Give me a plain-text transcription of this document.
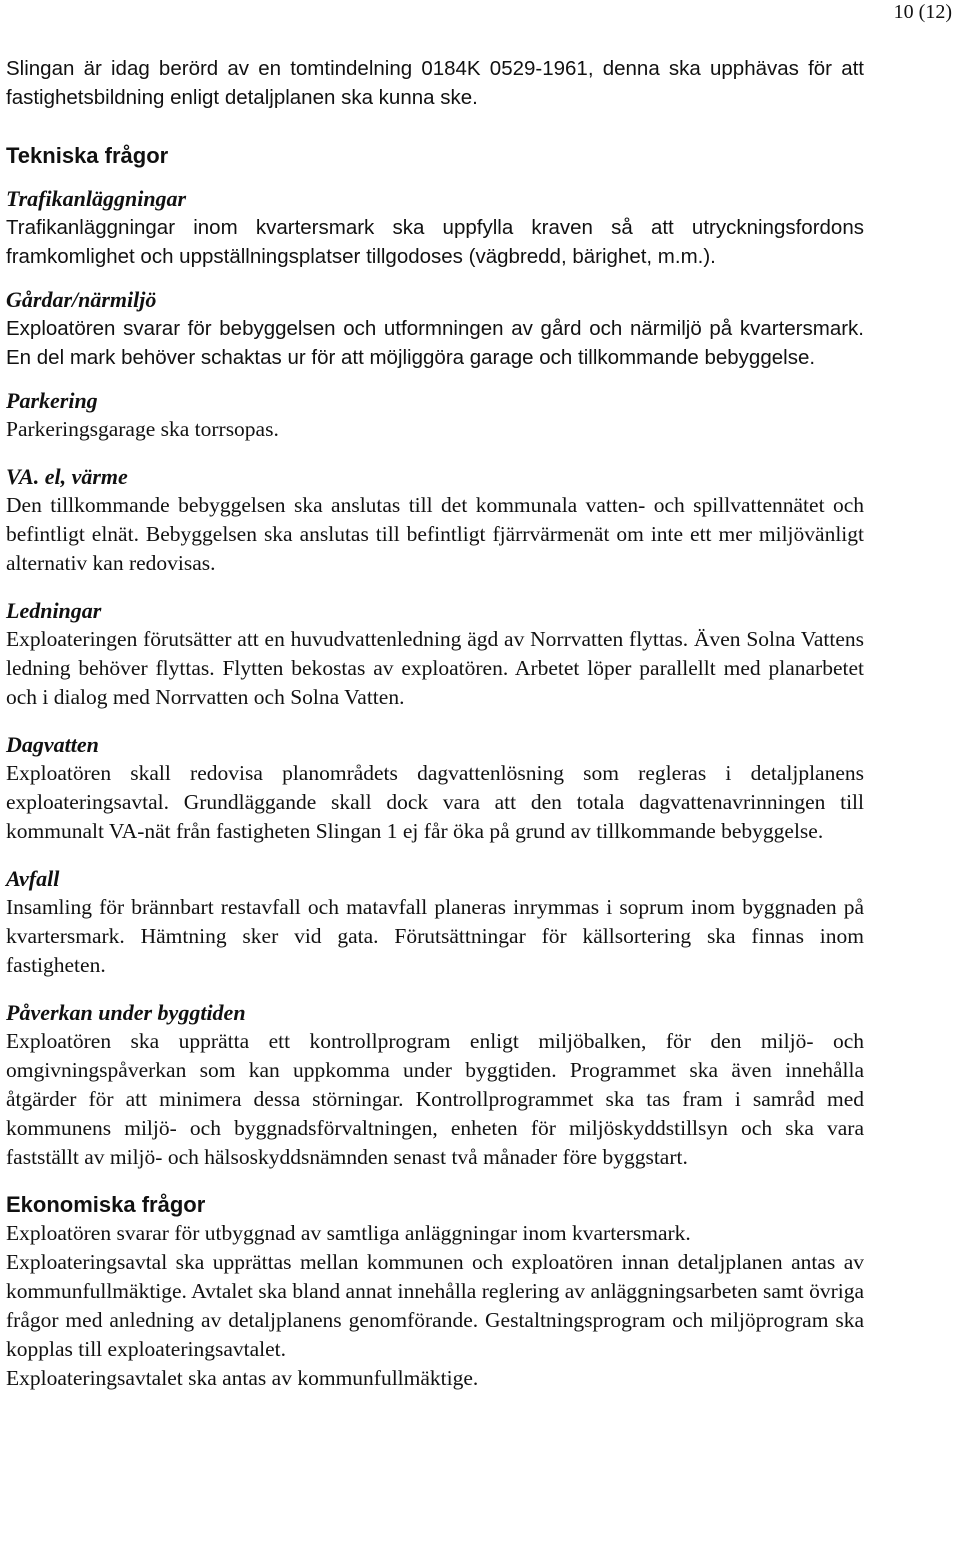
10 (12)

Slingan är idag berörd av en tomtindelning 0184K 0529-1961, denna ska upphävas för att fastighetsbildning enligt detaljplanen ska kunna ske.

Tekniska frågor
Trafikanläggningar

Trafikanläggningar inom kvartersmark ska uppfylla kraven så att utryckningsfordons framkomlighet och uppställningsplatser tillgodoses (vägbredd, bärighet, m.m.).

Gårdar/närmiljö

Exploatören svarar för bebyggelsen och utformningen av gård och närmiljö på kvartersmark. En del mark behöver schaktas ur för att möjliggöra garage och tillkommande bebyggelse.

Parkering

Parkeringsgarage ska torrsopas.

VA. el, värme

Den tillkommande bebyggelsen ska anslutas till det kommunala vatten- och spillvattennätet och befintligt elnät. Bebyggelsen ska anslutas till befintligt fjärrvärmenät om inte ett mer miljövänligt alternativ kan redovisas.

Ledningar

Exploateringen förutsätter att en huvudvattenledning ägd av Norrvatten flyttas. Även Solna Vattens ledning behöver flyttas. Flytten bekostas av exploatören. Arbetet löper parallellt med planarbetet och i dialog med Norrvatten och Solna Vatten.

Dagvatten

Exploatören skall redovisa planområdets dagvattenlösning som regleras i detaljplanens exploateringsavtal. Grundläggande skall dock vara att den totala dagvattenavrinningen till kommunalt VA-nät från fastigheten Slingan 1 ej får öka på grund av tillkommande bebyggelse.

Avfall

Insamling för brännbart restavfall och matavfall planeras inrymmas i soprum inom byggnaden på kvartersmark. Hämtning sker vid gata. Förutsättningar för källsortering ska finnas inom fastigheten.

Påverkan under byggtiden

Exploatören ska upprätta ett kontrollprogram enligt miljöbalken, för den miljö- och omgivningspåverkan som kan uppkomma under byggtiden. Programmet ska även innehålla åtgärder för att minimera dessa störningar. Kontrollprogrammet ska tas fram i samråd med kommunens miljö- och byggnadsförvaltningen, enheten för miljöskyddstillsyn och ska vara fastställt av miljö- och hälsoskyddsnämnden senast två månader före byggstart.

Ekonomiska frågor

Exploatören svarar för utbyggnad av samtliga anläggningar inom kvartersmark.

Exploateringsavtal ska upprättas mellan kommunen och exploatören innan detaljplanen antas av kommunfullmäktige. Avtalet ska bland annat innehålla reglering av anläggningsarbeten samt övriga frågor med anledning av detaljplanens genomförande. Gestaltningsprogram och miljöprogram ska kopplas till exploateringsavtalet.

Exploateringsavtalet ska antas av kommunfullmäktige.
